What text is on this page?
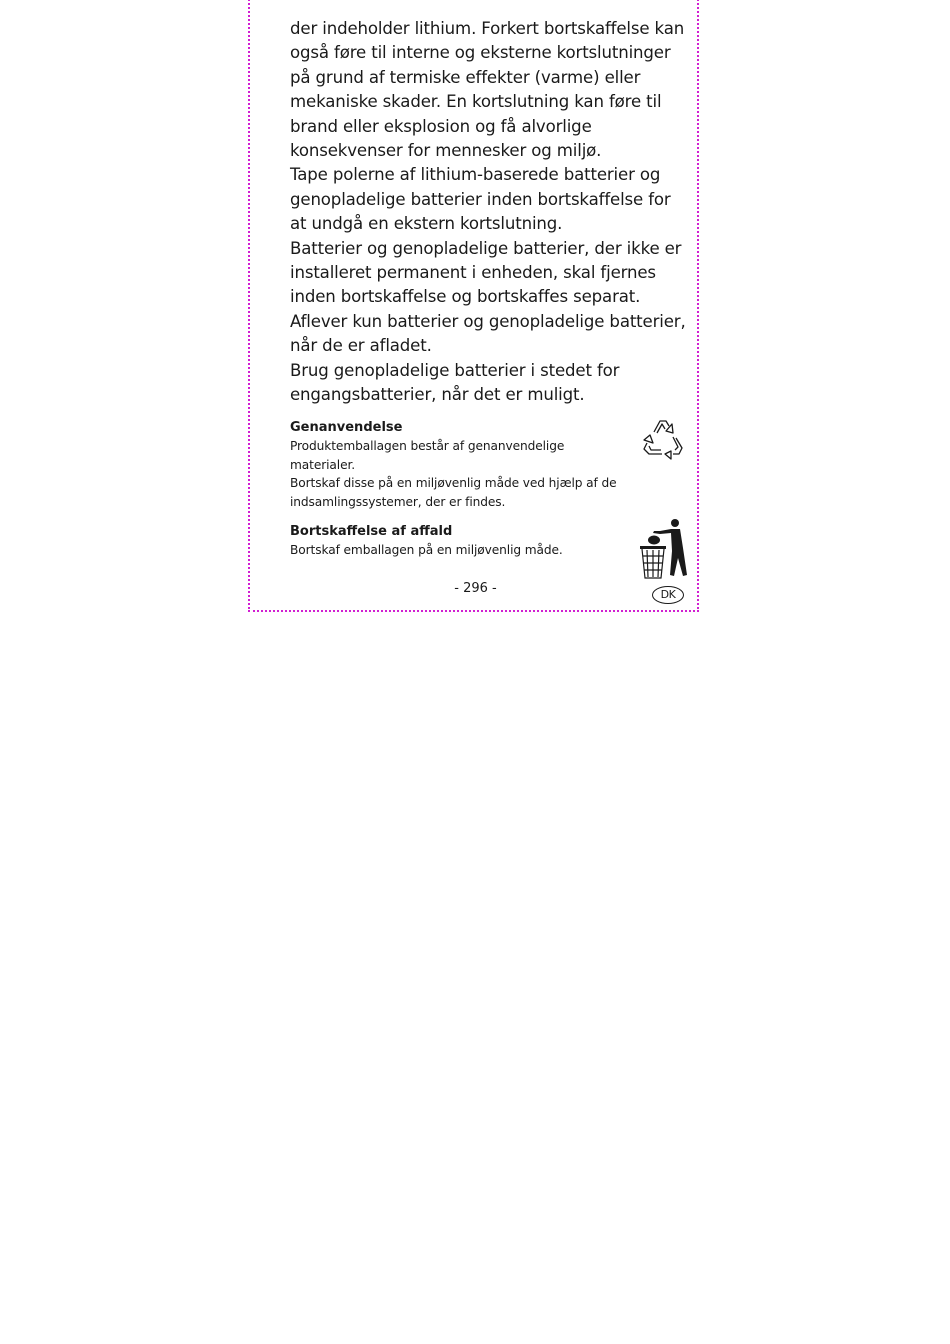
der indeholder lithium. Forkert bortskaffelse kan også føre til interne og eksterne kortslutninger på grund af termiske effekter (varme) eller mekaniske skader. En kortslutning kan føre til brand eller eksplosion og få alvorlige konsekvenser for mennesker og miljø.

Tape polerne af lithium-baserede batterier og genopladelige batterier inden bortskaffelse for at undgå en ekstern kortslutning.

Batterier og genopladelige batterier, der ikke er installeret permanent i enheden, skal fjernes inden bortskaffelse og bortskaffes separat.

Aflever kun batterier og genopladelige batterier, når de er afladet.

Brug genopladelige batterier i stedet for engangsbatterier, når det er muligt.

Genanvendelse

Produktemballagen består af genanvendelige materialer.

Bortskaf disse på en miljøvenlig måde ved hjælp af de indsamlingssystemer, der er findes.

Bortskaffelse af affald

Bortskaf emballagen på en miljøvenlig måde.

- 296 -	DK
